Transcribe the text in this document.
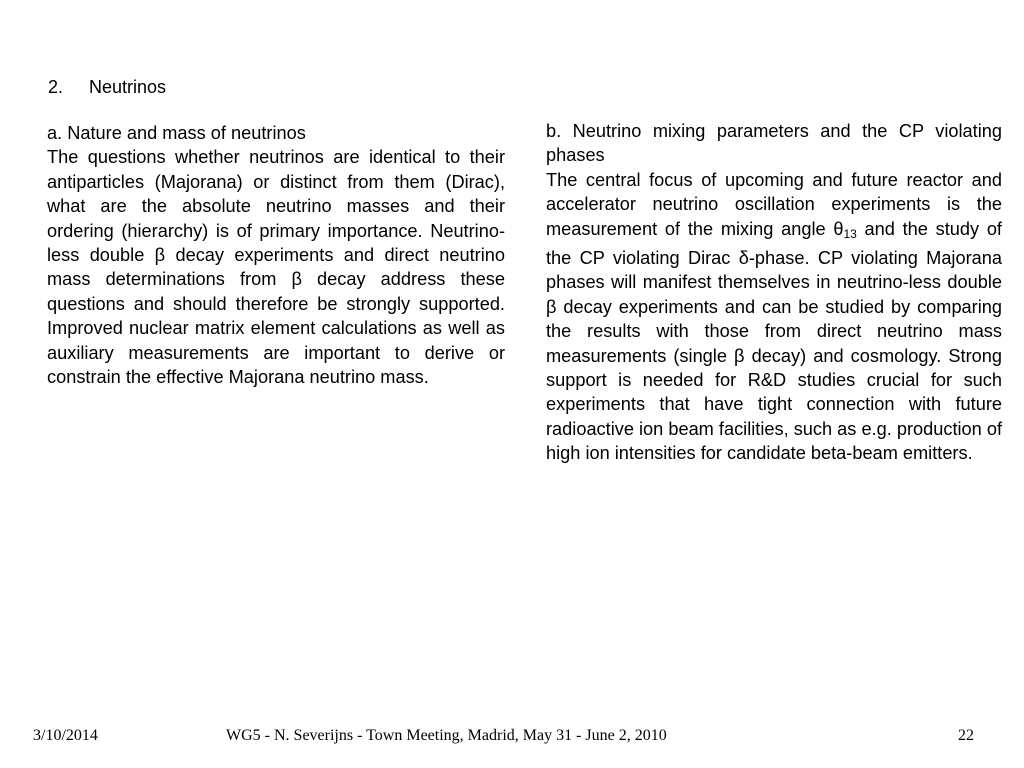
2. Neutrinos
a. Nature and mass of neutrinos
The questions whether neutrinos are identical to their antiparticles (Majorana) or distinct from them (Dirac), what are the absolute neutrino masses and their ordering (hierarchy) is of primary importance. Neutrino-less double β decay experiments and direct neutrino mass determinations from β decay address these questions and should therefore be strongly supported. Improved nuclear matrix element calculations as well as auxiliary measurements are important to derive or constrain the effective Majorana neutrino mass.
b. Neutrino mixing parameters and the CP violating phases
The central focus of upcoming and future reactor and accelerator neutrino oscillation experiments is the measurement of the mixing angle θ13 and the study of the CP violating Dirac δ-phase. CP violating Majorana phases will manifest themselves in neutrino-less double β decay experiments and can be studied by comparing the results with those from direct neutrino mass measurements (single β decay) and cosmology. Strong support is needed for R&D studies crucial for such experiments that have tight connection with future radioactive ion beam facilities, such as e.g. production of high ion intensities for candidate beta-beam emitters.
3/10/2014	WG5 - N. Severijns - Town Meeting, Madrid, May 31 - June 2, 2010	22
